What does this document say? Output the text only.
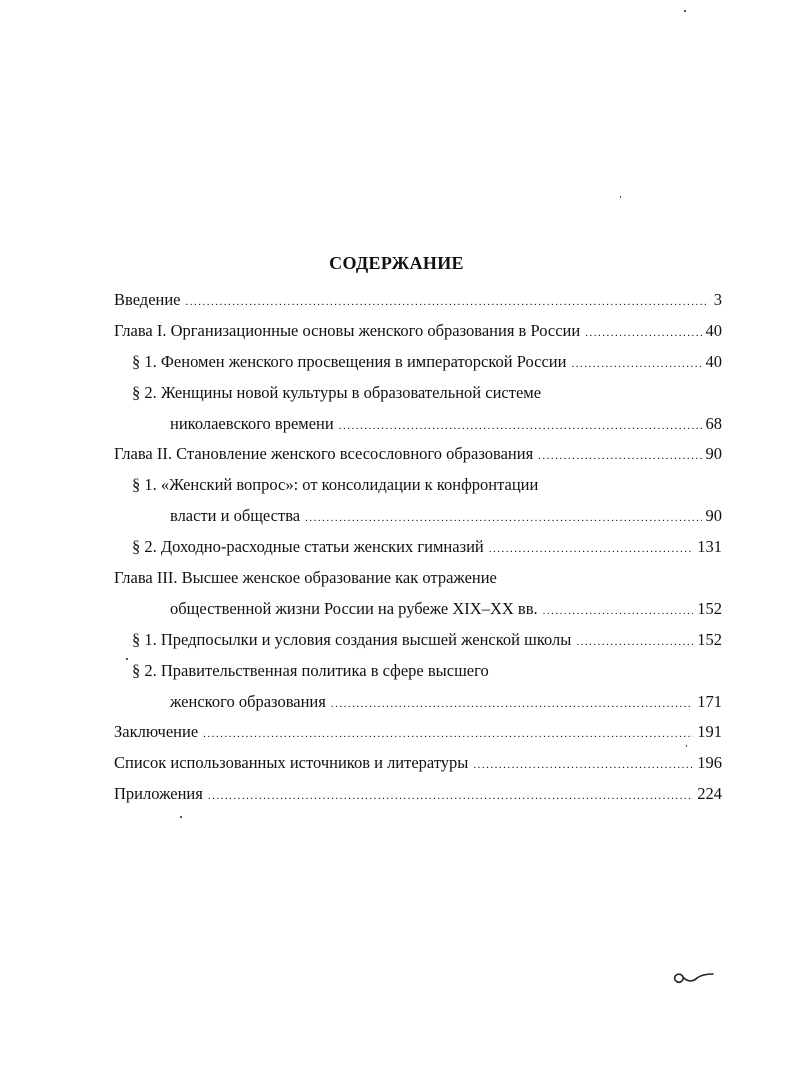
СОДЕРЖАНИЕ
Введение .....	3
Глава I. Организационные основы женского образования в России .....	40
§ 1. Феномен женского просвещения в императорской России .....	40
§ 2. Женщины новой культуры в образовательной системе
николаевского времени .....	68
Глава II. Становление женского всесословного образования .....	90
§ 1. «Женский вопрос»: от консолидации к конфронтации
власти и общества .....	90
§ 2. Доходно-расходные статьи женских гимназий .....	131
Глава III. Высшее женское образование как отражение
общественной жизни России на рубеже XIX–XX вв. .....	152
§ 1. Предпосылки и условия создания высшей женской школы .....	152
§ 2. Правительственная политика в сфере высшего
женского образования .....	171
Заключение .....	191
Список использованных источников и литературы .....	196
Приложения .....	224
